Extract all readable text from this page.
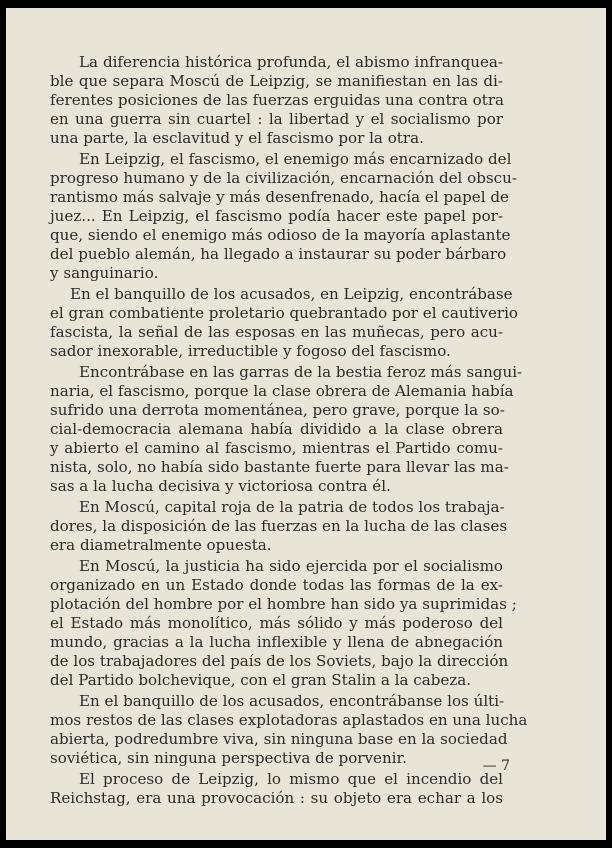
La diferencia histórica profunda, el abismo infranquea-
ble que separa Moscú de Leipzig, se manifiestan en las di-
ferentes posiciones de las fuerzas erguidas una contra otra
en una guerra sin cuartel : la libertad y el socialismo por
una parte, la esclavitud y el fascismo por la otra.
En Leipzig, el fascismo, el enemigo más encarnizado del
progreso humano y de la civilización, encarnación del obscu-
rantismo más salvaje y más desenfrenado, hacía el papel de
juez... En Leipzig, el fascismo podía hacer este papel por-
que, siendo el enemigo más odioso de la mayoría aplastante
del pueblo alemán, ha llegado a instaurar su poder bárbaro
y sanguinario.
En el banquillo de los acusados, en Leipzig, encontrábase
el gran combatiente proletario quebrantado por el cautiverio
fascista, la señal de las esposas en las muñecas, pero acu-
sador inexorable, irreductible y fogoso del fascismo.
Encontrábase en las garras de la bestia feroz más sangui-
naria, el fascismo, porque la clase obrera de Alemania había
sufrido una derrota momentánea, pero grave, porque la so-
cial-democracia alemana había dividido a la clase obrera
y abierto el camino al fascismo, mientras el Partido comu-
nista, solo, no había sido bastante fuerte para llevar las ma-
sas a la lucha decisiva y victoriosa contra él.
En Moscú, capital roja de la patria de todos los trabaja-
dores, la disposición de las fuerzas en la lucha de las clases
era diametralmente opuesta.
En Moscú, la justicia ha sido ejercida por el socialismo
organizado en un Estado donde todas las formas de la ex-
plotación del hombre por el hombre han sido ya suprimidas ;
el Estado más monolítico, más sólido y más poderoso del
mundo, gracias a la lucha inflexible y llena de abnegación
de los trabajadores del país de los Soviets, bajo la dirección
del Partido bolchevique, con el gran Stalin a la cabeza.
En el banquillo de los acusados, encontrábanse los últi-
mos restos de las clases explotadoras aplastados en una lucha
abierta, podredumbre viva, sin ninguna base en la sociedad
soviética, sin ninguna perspectiva de porvenir.
El proceso de Leipzig, lo mismo que el incendio del
Reichstag, era una provocación : su objeto era echar a los
— 7
